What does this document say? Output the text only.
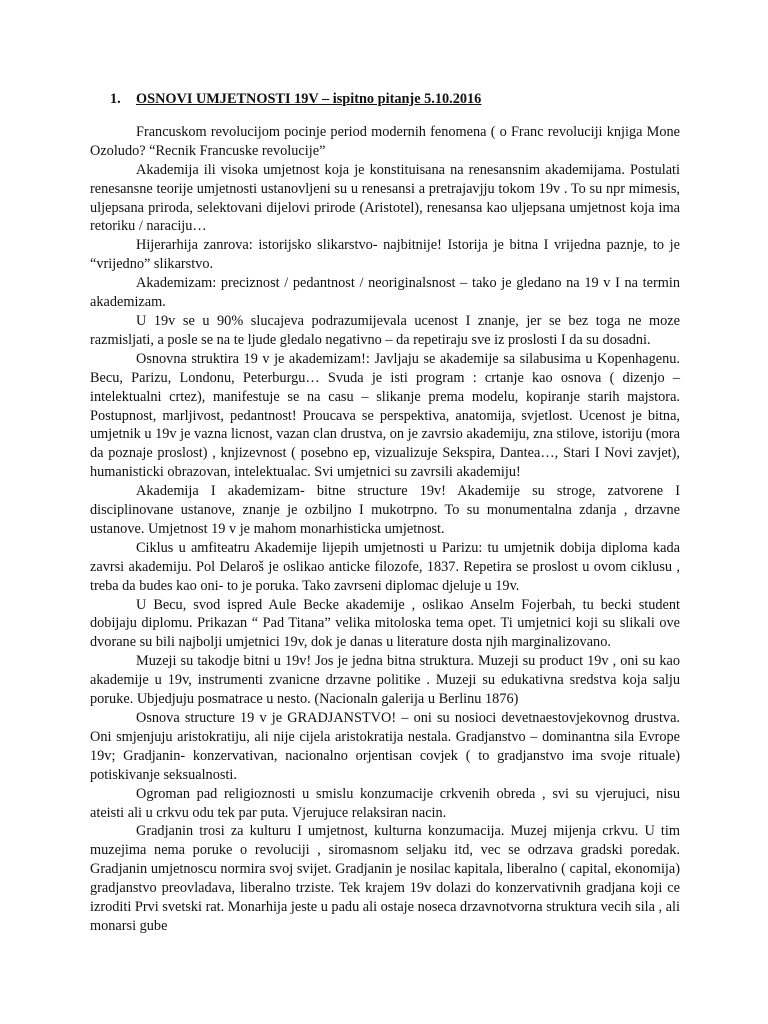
1. OSNOVI UMJETNOSTI 19V – ispitno pitanje 5.10.2016

Francuskom revolucijom pocinje period modernih fenomena ( o Franc revoluciji knjiga Mone Ozoludo? “Recnik Francuske revolucije”

Akademija ili visoka umjetnost koja je konstituisana na renesansnim akademijama. Postulati renesansne teorije umjetnosti ustanovljeni su u renesansi a pretrajavjju tokom 19v . To su npr mimesis, uljepsana priroda, selektovani dijelovi prirode (Aristotel), renesansa kao uljepsana umjetnost koja ima retoriku / naraciju…

Hijerarhija zanrova: istorijsko slikarstvo- najbitnije! Istorija je bitna I vrijedna paznje, to je “vrijedno” slikarstvo.

Akademizam: preciznost / pedantnost / neoriginalsnost – tako je gledano na 19 v I na termin akademizam.

U 19v se u 90% slucajeva podrazumijevala ucenost I znanje, jer se bez toga ne moze razmisljati, a posle se na te ljude gledalo negativno – da repetiraju sve iz proslosti I da su dosadni.

Osnovna struktira 19 v je akademizam!: Javljaju se akademije sa silabusima u Kopenhagenu. Becu, Parizu, Londonu, Peterburgu… Svuda je isti program : crtanje kao osnova ( dizenjo – intelektualni crtez), manifestuje se na casu – slikanje prema modelu, kopiranje starih majstora. Postupnost, marljivost, pedantnost! Proucava se perspektiva, anatomija, svjetlost. Ucenost je bitna, umjetnik u 19v je vazna licnost, vazan clan drustva, on je zavrsio akademiju, zna stilove, istoriju (mora da poznaje proslost) , knjizevnost ( posebno ep, vizualizuje Sekspira, Dantea…, Stari I Novi zavjet), humanisticki obrazovan, intelektualac. Svi umjetnici su zavrsili akademiju!

Akademija I akademizam- bitne structure 19v! Akademije su stroge, zatvorene I disciplinovane ustanove, znanje je ozbiljno I mukotrpno. To su monumentalna zdanja , drzavne ustanove. Umjetnost 19 v je mahom monarhisticka umjetnost.

Ciklus u amfiteatru Akademije lijepih umjetnosti u Parizu: tu umjetnik dobija diploma kada zavrsi akademiju. Pol Delaroš je oslikao anticke filozofe, 1837. Repetira se proslost u ovom ciklusu , treba da budes kao oni- to je poruka. Tako zavrseni diplomac djeluje u 19v.

U Becu, svod ispred Aule Becke akademije , oslikao Anselm Fojerbah, tu becki student dobijaju diplomu. Prikazan “ Pad Titana” velika mitoloska tema opet. Ti umjetnici koji su slikali ove dvorane su bili najbolji umjetnici 19v, dok je danas u literature dosta njih marginalizovano.

Muzeji su takodje bitni u 19v! Jos je jedna bitna struktura. Muzeji su product 19v , oni su kao akademije u 19v, instrumenti zvanicne drzavne politike . Muzeji su edukativna sredstva koja salju poruke. Ubjedjuju posmatrace u nesto. (Nacionaln galerija u Berlinu 1876)

Osnova structure 19 v je GRADJANSTVO! – oni su nosioci devetnaestovjekovnog drustva. Oni smjenjuju aristokratiju, ali nije cijela aristokratija nestala. Gradjanstvo – dominantna sila Evrope 19v; Gradjanin- konzervativan, nacionalno orjentisan covjek ( to gradjanstvo ima svoje rituale) potiskivanje seksualnosti.

Ogroman pad religioznosti u smislu konzumacije crkvenih obreda , svi su vjerujuci, nisu ateisti ali u crkvu odu tek par puta. Vjerujuce relaksiran nacin.

Gradjanin trosi za kulturu I umjetnost, kulturna konzumacija. Muzej mijenja crkvu. U tim muzejima nema poruke o revoluciji , siromasnom seljaku itd, vec se odrzava gradski poredak. Gradjanin umjetnoscu normira svoj svijet. Gradjanin je nosilac kapitala, liberalno ( capital, ekonomija) gradjanstvo preovladava, liberalno trziste. Tek krajem 19v dolazi do konzervativnih gradjana koji ce izroditi Prvi svetski rat. Monarhija jeste u padu ali ostaje noseca drzavnotvorna struktura vecih sila , ali monarsi gube
